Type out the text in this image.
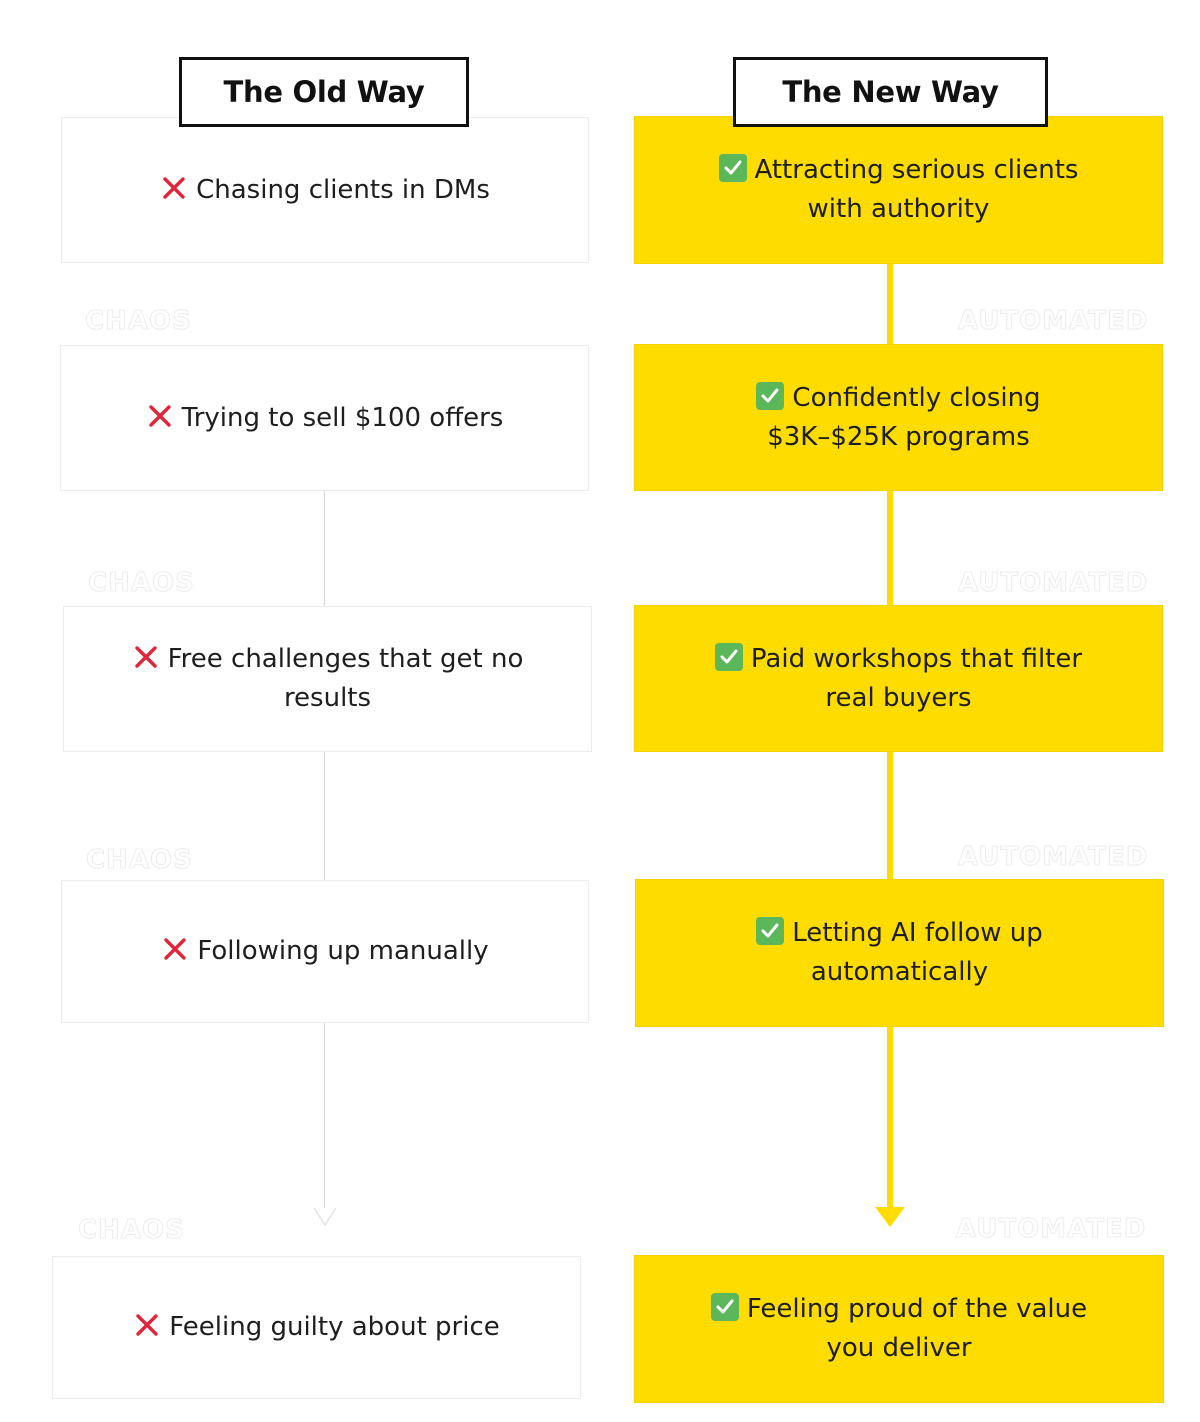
The Old Way	The New Way
CHAOS
CHAOS
CHAOS
CHAOS
AUTOMATED
AUTOMATED
AUTOMATED
AUTOMATED
Chasing clients in DMs
Trying to sell $100 offers
Free challenges that get no results
Following up manually
Feeling guilty about price
Attracting serious clients with authority
Confidently closing $3K–$25K programs
Paid workshops that filter real buyers
Letting AI follow up automatically
Feeling proud of the value you deliver
